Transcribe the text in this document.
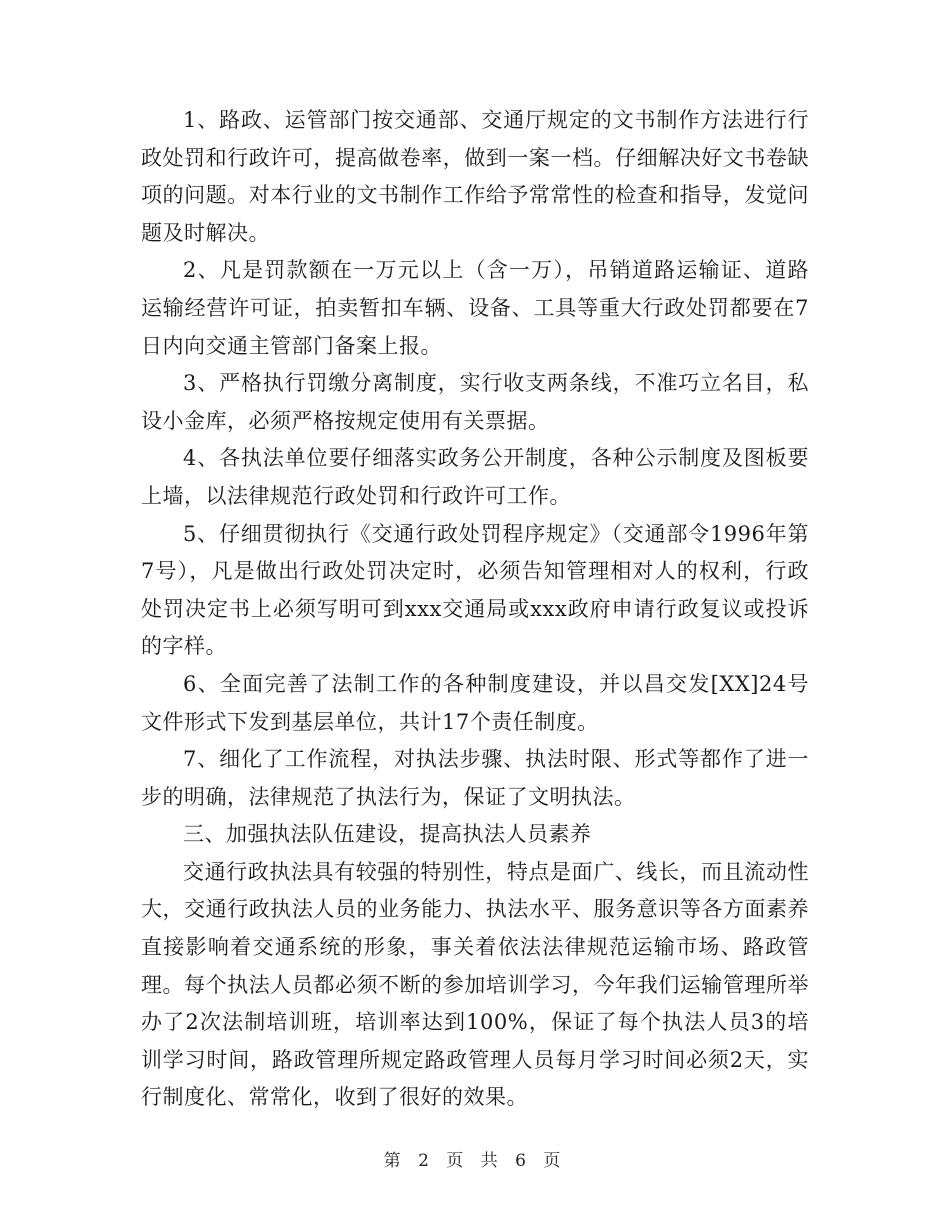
1、路政、运管部门按交通部、交通厅规定的文书制作方法进行行政处罚和行政许可，提高做卷率，做到一案一档。仔细解决好文书卷缺项的问题。对本行业的文书制作工作给予常常性的检查和指导，发觉问题及时解决。

2、凡是罚款额在一万元以上（含一万），吊销道路运输证、道路运输经营许可证，拍卖暂扣车辆、设备、工具等重大行政处罚都要在7日内向交通主管部门备案上报。

3、严格执行罚缴分离制度，实行收支两条线，不准巧立名目，私设小金库，必须严格按规定使用有关票据。

4、各执法单位要仔细落实政务公开制度，各种公示制度及图板要上墙，以法律规范行政处罚和行政许可工作。

5、仔细贯彻执行《交通行政处罚程序规定》（交通部令1996年第7号），凡是做出行政处罚决定时，必须告知管理相对人的权利，行政处罚决定书上必须写明可到xxx交通局或xxx政府申请行政复议或投诉的字样。

6、全面完善了法制工作的各种制度建设，并以昌交发[XX]24号文件形式下发到基层单位，共计17个责任制度。

7、细化了工作流程，对执法步骤、执法时限、形式等都作了进一步的明确，法律规范了执法行为，保证了文明执法。

三、加强执法队伍建设，提高执法人员素养

交通行政执法具有较强的特别性，特点是面广、线长，而且流动性大，交通行政执法人员的业务能力、执法水平、服务意识等各方面素养直接影响着交通系统的形象，事关着依法法律规范运输市场、路政管理。每个执法人员都必须不断的参加培训学习，今年我们运输管理所举办了2次法制培训班，培训率达到100%，保证了每个执法人员3的培训学习时间，路政管理所规定路政管理人员每月学习时间必须2天，实行制度化、常常化，收到了很好的效果。

第 2 页 共 6 页
